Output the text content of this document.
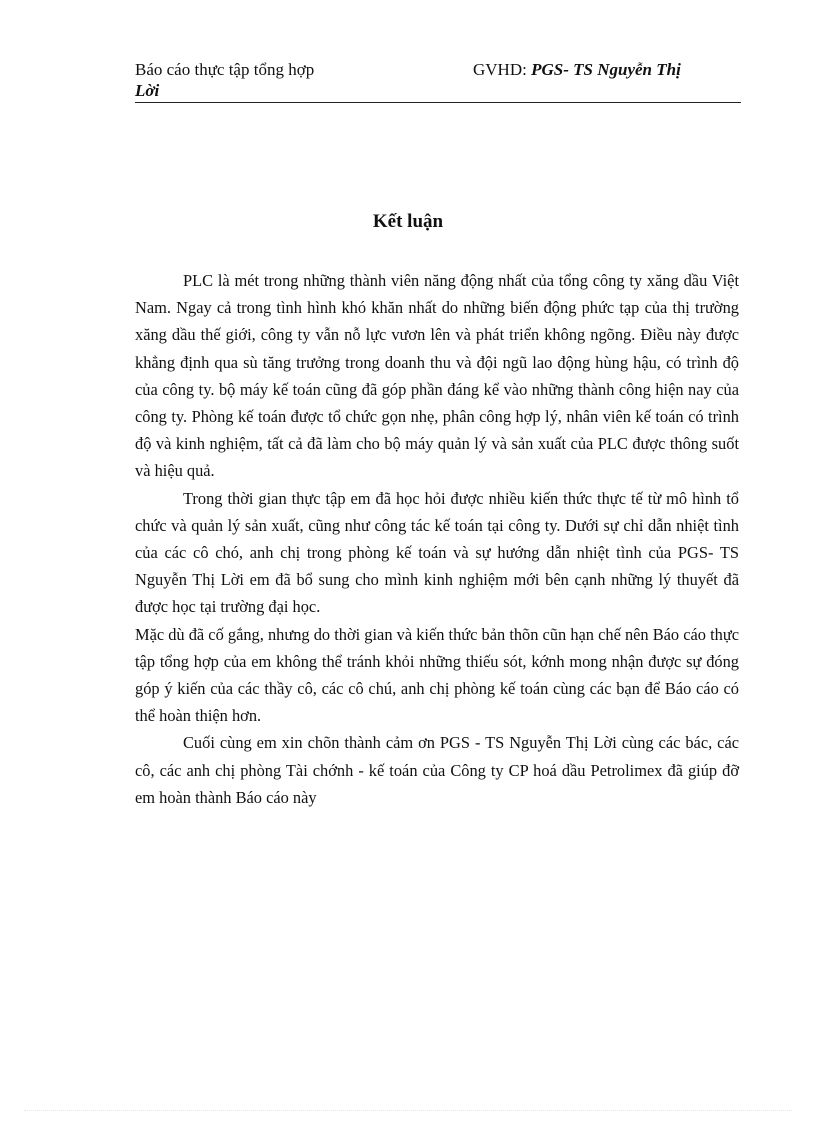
Báo cáo thực tập tổng hợp	GVHD: PGS- TS Nguyễn Thị
Lời
Kết luận

PLC là mét trong những thành viên năng động nhất của tổng công ty xăng dầu Việt Nam. Ngay cả trong tình hình khó khăn nhất do những biến động phức tạp của thị trường xăng dầu thế giới, công ty vẫn nỗ lực vươn lên và phát triển không ngõng. Điều này được khẳng định qua sù tăng trưởng trong doanh thu và đội ngũ lao động hùng hậu, có trình độ của công ty. bộ máy kế toán cũng đã góp phần đáng kể vào những thành công hiện nay của công ty. Phòng kế toán được tổ chức gọn nhẹ, phân công hợp lý, nhân viên kế toán có trình độ và kinh nghiệm, tất cả đã làm cho bộ máy quản lý và sản xuất của PLC được thông suốt và hiệu quả.

Trong thời gian thực tập em đã học hỏi được nhiều kiến thức thực tế từ mô hình tổ chức và quản lý sản xuất, cũng như công tác kế toán tại công ty. Dưới sự chỉ dẫn nhiệt tình của các cô chó, anh chị trong phòng kế toán và sự hướng dẫn nhiệt tình của PGS- TS Nguyễn Thị Lời em đã bổ sung cho mình kinh nghiệm mới bên cạnh những lý thuyết đã được học tại trường đại học.

Mặc dù đã cố gắng, nhưng do thời gian và kiến thức bản thõn cũn hạn chế nên Báo cáo thực tập tổng hợp của em không thể tránh khỏi những thiếu sót, kớnh mong nhận được sự đóng góp ý kiến của các thầy cô, các cô chú, anh chị phòng kế toán cùng các bạn để Báo cáo có thể hoàn thiện hơn.

Cuối cùng em xin chõn thành cảm ơn PGS - TS Nguyễn Thị Lời cùng các bác, các cô, các anh chị phòng Tài chớnh - kế toán của Công ty CP hoá dầu Petrolimex đã giúp đỡ em hoàn thành Báo cáo này
